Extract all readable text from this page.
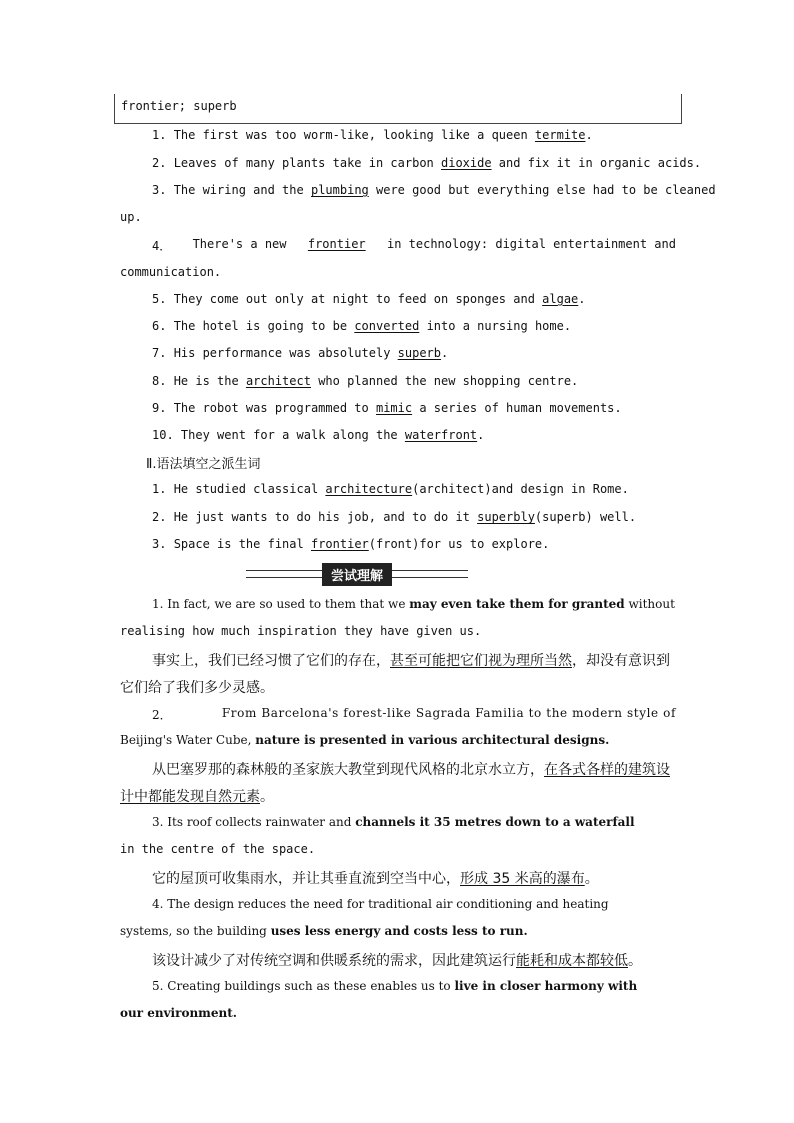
frontier; superb
1. The first was too worm-like, looking like a queen termite.
2. Leaves of many plants take in carbon dioxide and fix it in organic acids.
3. The wiring and the plumbing were good but everything else had to be cleaned
up.
4． There's a new frontier in technology: digital entertainment and
communication.
5. They come out only at night to feed on sponges and algae.
6. The hotel is going to be converted into a nursing home.
7. His performance was absolutely superb.
8. He is the architect who planned the new shopping centre.
9. The robot was programmed to mimic a series of human movements.
10. They went for a walk along the waterfront.
Ⅱ.语法填空之派生词
1. He studied classical architecture(architect)and design in Rome.
2. He just wants to do his job, and to do it superbly(superb) well.
3. Space is the final frontier(front)for us to explore.
尝试理解
1. In fact, we are so used to them that we may even take them for granted without
realising how much inspiration they have given us.
事实上，我们已经习惯了它们的存在，甚至可能把它们视为理所当然，却没有意识到
它们给了我们多少灵感。
2．	From Barcelona's forest-like Sagrada Familia to the modern style of
Beijing's Water Cube, nature is presented in various architectural designs.
从巴塞罗那的森林般的圣家族大教堂到现代风格的北京水立方，在各式各样的建筑设
计中都能发现自然元素。
3. Its roof collects rainwater and channels it 35 metres down to a waterfall
in the centre of the space.
它的屋顶可收集雨水，并让其垂直流到空当中心，形成 35 米高的瀑布。
4. The design reduces the need for traditional air conditioning and heating
systems, so the building uses less energy and costs less to run.
该设计减少了对传统空调和供暖系统的需求，因此建筑运行能耗和成本都较低。
5. Creating buildings such as these enables us to live in closer harmony with
our environment.
